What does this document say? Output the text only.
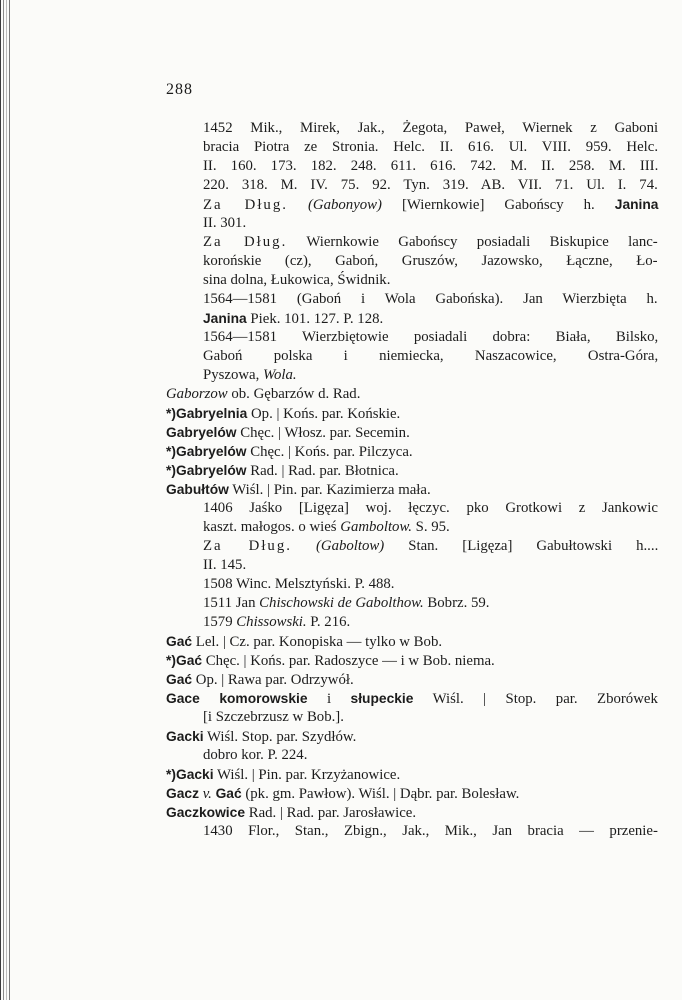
288
1452 Mik., Mirek, Jak., Żegota, Paweł, Wiernek z Gaboni
bracia Piotra ze Stronia. Helc. II. 616. Ul. VIII. 959. Helc.
II. 160. 173. 182. 248. 611. 616. 742. M. II. 258. M. III.
220. 318. M. IV. 75. 92. Tyn. 319. AB. VII. 71. Ul. I. 74.
Za Dług. (Gabonyow) [Wiernkowie] Gabońscy h. Janina
II. 301.
Za Dług. Wiernkowie Gabońscy posiadali Biskupice lanc-
korońskie (cz), Gaboń, Gruszów, Jazowsko, Łączne, Ło-
sina dolna, Łukowica, Świdnik.
1564—1581 (Gaboń i Wola Gabońska). Jan Wierzbięta h.
Janina Piek. 101. 127. P. 128.
1564—1581 Wierzbiętowie posiadali dobra: Biała, Bilsko,
Gaboń polska i niemiecka, Naszacowice, Ostra-Góra,
Pyszowa, Wola.
Gaborzow ob. Gębarzów d. Rad.
*)Gabryelnia Op. | Końs. par. Końskie.
Gabryelów Chęc. | Włosz. par. Secemin.
*)Gabryelów Chęc. | Końs. par. Pilczyca.
*)Gabryelów Rad. | Rad. par. Błotnica.
Gabułtów Wiśl. | Pin. par. Kazimierza mała.
1406 Jaśko [Ligęza] woj. łęczyc. pko Grotkowi z Jankowic
kaszt. małogos. o wieś Gamboltow. S. 95.
Za Dług. (Gaboltow) Stan. [Ligęza] Gabułtowski h....
II. 145.
1508 Winc. Melsztyński. P. 488.
1511 Jan Chischowski de Gabolthow. Bobrz. 59.
1579 Chissowski. P. 216.
Gać Lel. | Cz. par. Konopiska — tylko w Bob.
*)Gać Chęc. | Końs. par. Radoszyce — i w Bob. niema.
Gać Op. | Rawa par. Odrzywół.
Gace komorowskie i słupeckie Wiśl. | Stop. par. Zborówek
[i Szczebrzusz w Bob.].
Gacki Wiśl. Stop. par. Szydłów.
dobro kor. P. 224.
*)Gacki Wiśl. | Pin. par. Krzyżanowice.
Gacz v. Gać (pk. gm. Pawłow). Wiśl. | Dąbr. par. Bolesław.
Gaczkowice Rad. | Rad. par. Jarosławice.
1430 Flor., Stan., Zbign., Jak., Mik., Jan bracia — przenie-
